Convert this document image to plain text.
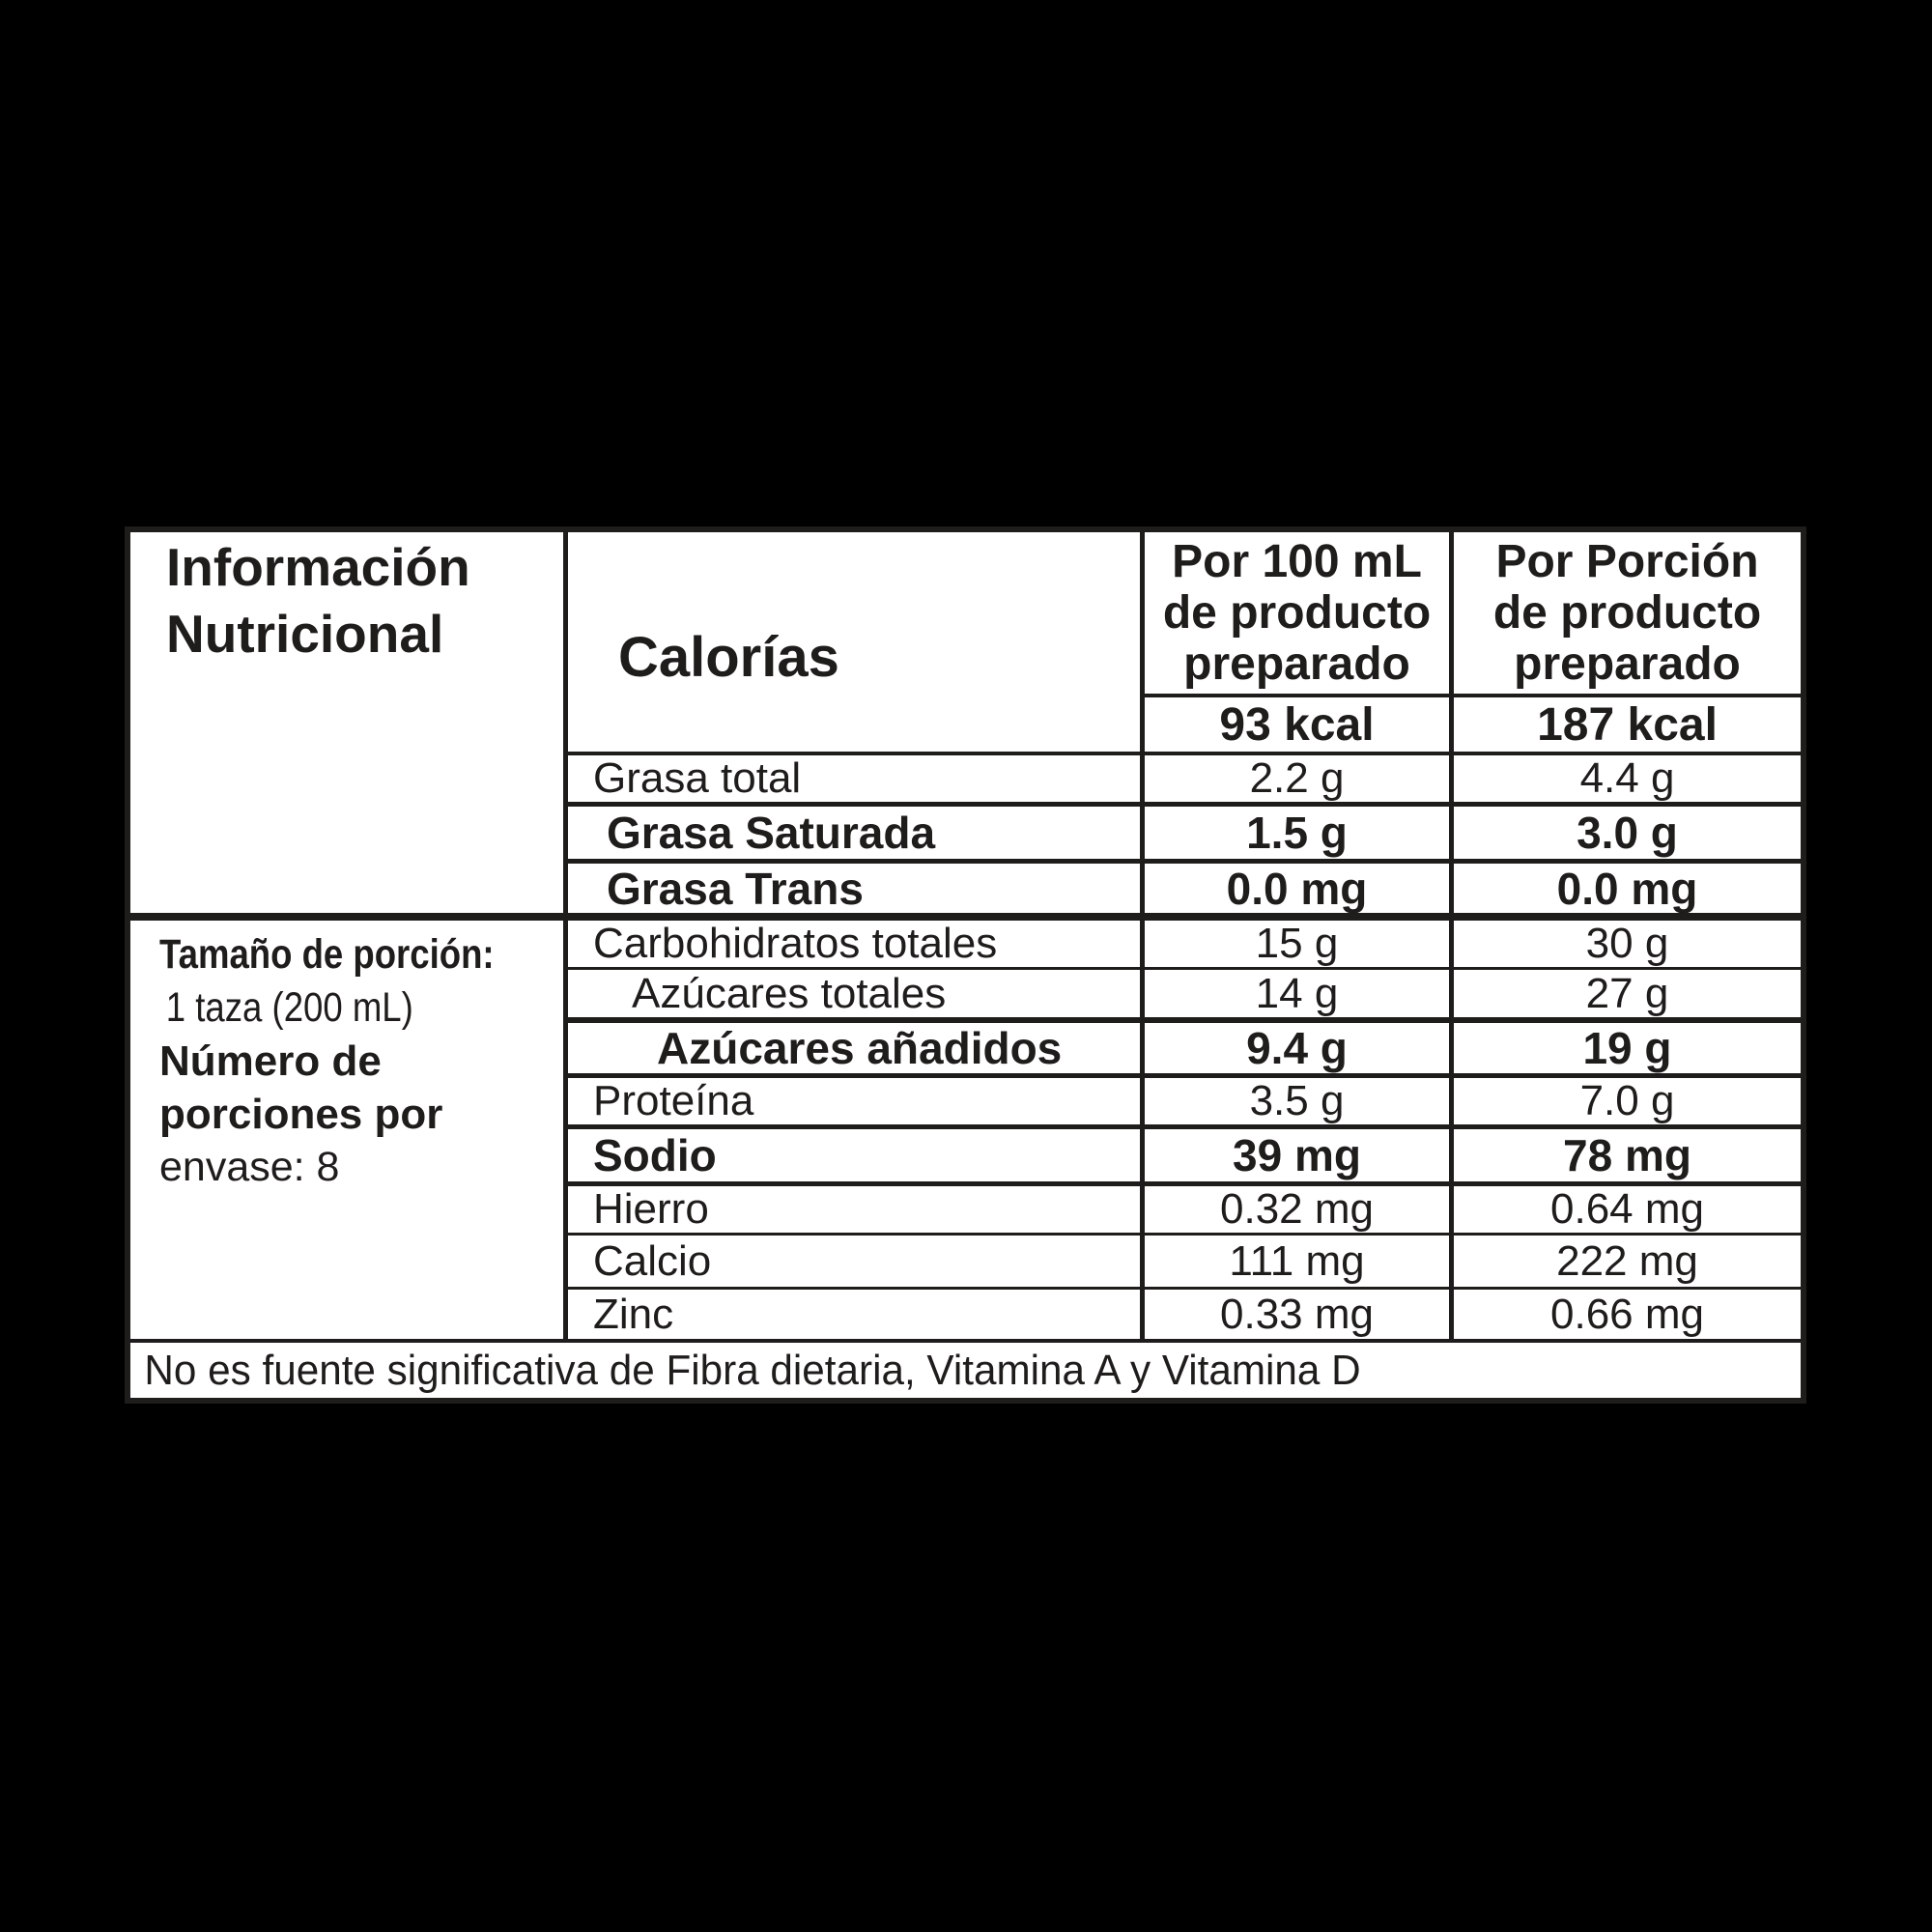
Información
Nutricional
Tamaño de porción:
1 taza (200 mL)
Número de
porciones por
envase: 8
Calorías
Por 100 mL
de producto
preparado
Por Porción
de producto
preparado
93 kcal	187 kcal
Grasa total	2.2 g	4.4 g
Grasa Saturada	1.5 g	3.0 g
Grasa Trans	0.0 mg	0.0 mg
Carbohidratos totales	15 g	30 g
Azúcares totales	14 g	27 g
Azúcares añadidos	9.4 g	19 g
Proteína	3.5 g	7.0 g
Sodio	39 mg	78 mg
Hierro	0.32 mg	0.64 mg
Calcio	111 mg	222 mg
Zinc	0.33 mg	0.66 mg
No es fuente significativa de Fibra dietaria, Vitamina A y Vitamina D
